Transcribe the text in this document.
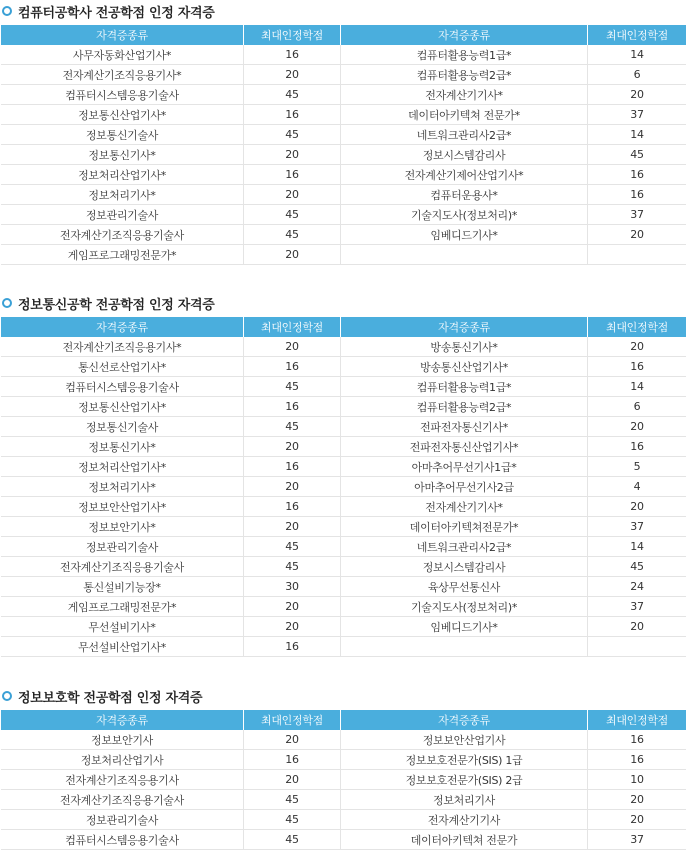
컴퓨터공학사 전공학점 인정 자격증
자격증종류	최대인정학점	자격증종류	최대인정학점
사무자동화산업기사*	16	컴퓨터활용능력1급*	14
전자계산기조직응용기사*	20	컴퓨터활용능력2급*	6
컴퓨터시스템응용기술사	45	전자계산기기사*	20
정보통신산업기사*	16	데이터아키텍쳐 전문가*	37
정보통신기술사	45	네트워크관리사2급*	14
정보통신기사*	20	정보시스템감리사	45
정보처리산업기사*	16	전자계산기제어산업기사*	16
정보처리기사*	20	컴퓨터운용사*	16
정보관리기술사	45	기술지도사(정보처리)*	37
전자계산기조직응용기술사	45	임베디드기사*	20
게임프로그래밍전문가*	20		
정보통신공학 전공학점 인정 자격증
자격증종류	최대인정학점	자격증종류	최대인정학점
전자계산기조직응용기사*	20	방송통신기사*	20
통신선로산업기사*	16	방송통신산업기사*	16
컴퓨터시스템응용기술사	45	컴퓨터활용능력1급*	14
정보통신산업기사*	16	컴퓨터활용능력2급*	6
정보통신기술사	45	전파전자통신기사*	20
정보통신기사*	20	전파전자통신산업기사*	16
정보처리산업기사*	16	아마추어무선기사1급*	5
정보처리기사*	20	아마추어무선기사2급	4
정보보안산업기사*	16	전자계산기기사*	20
정보보안기사*	20	데이터아키텍쳐전문가*	37
정보관리기술사	45	네트워크관리사2급*	14
전자계산기조직응용기술사	45	정보시스템감리사	45
통신설비기능장*	30	육상무선통신사	24
게임프로그래밍전문가*	20	기술지도사(정보처리)*	37
무선설비기사*	20	임베디드기사*	20
무선설비산업기사*	16		
정보보호학 전공학점 인정 자격증
자격증종류	최대인정학점	자격증종류	최대인정학점
정보보안기사	20	정보보안산업기사	16
정보처리산업기사	16	정보보호전문가(SIS) 1급	16
전자계산기조직응용기사	20	정보보호전문가(SIS) 2급	10
전자계산기조직응용기술사	45	정보처리기사	20
정보관리기술사	45	전자계산기기사	20
컴퓨터시스템응용기술사	45	데이터아키텍쳐 전문가	37
